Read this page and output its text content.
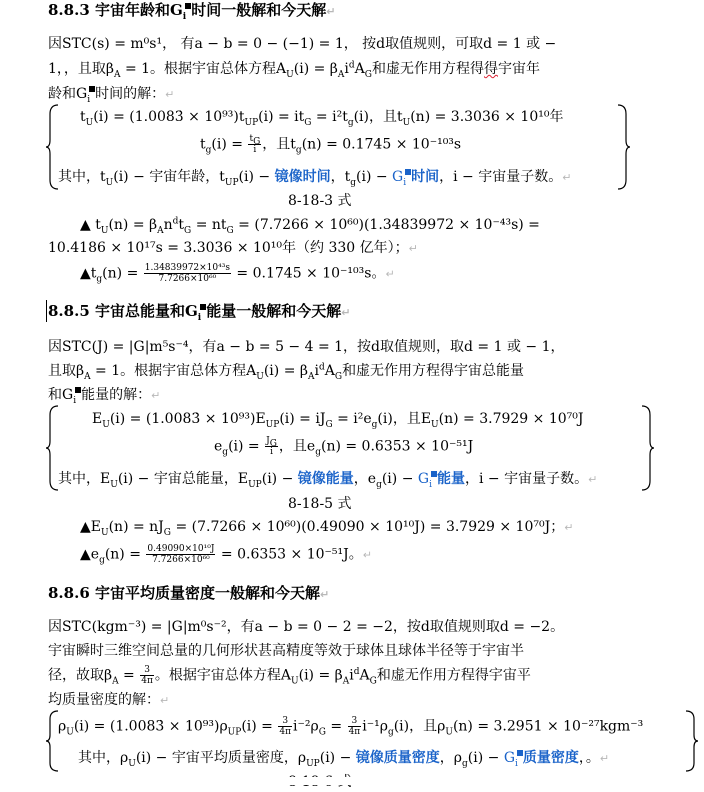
8.8.3 宇宙年龄和$G_i$ 时间一般解和今天解↵
因STC(s) = m⁰s¹， 有a − b = 0 − (−1) = 1， 按d取值规则，可取d = 1 或 −
1，，且取$\beta_A = 1$。根据宇宙总体方程$A_U(i) = \beta_Ai^dA_G$和虚无作用方程得得宇宙年
龄和$G_i$ 时间的解：↵
$t_U(i)$ = (1.0083̇ × $10^{93})t_{UP}(i) = it_G = i^2t_g(i)$，且$t_U(n) = 3.3036 \times 10^{10}$年
$t_g(i) = \frac{t_G}{i}$ ，且$t_g(n) = 0.1745 \times 10^{-103}s$
其中，$t_U(i)$ − 宇宙年龄，$t_{UP}(i)$ − 镜像时间，$t_g(i) - G_i$ 时间，i − 宇宙量子数。↵
8-18-3 式
▲ $t_U(n) = \beta_An^dt_G = nt_G = (7.7266 \times 10^{60})(1.34839972 \times 10^{-43}s)$ =
10.4186 × 10¹⁷s = 3.3036 × 10¹⁰年（约 330 亿年）；↵
$▲t_g(n) = \frac{\text{1.34839972×10⁴³s}}{\text{7.7266×10⁶⁰}} = 0.1745 \times 10^{-103}s$。↵
8.8.5 宇宙总能量和$G_i$ 能量一般解和今天解↵
因STC(J) = |G|m⁵s⁻⁴，有a − b = 5 − 4 = 1，按d取值规则，取d = 1 或 − 1，
且取$\beta_A = 1$。根据宇宙总体方程$A_U(i) = \beta_Ai^dA_G$和虚无作用方程得宇宙总能量
和$G_i$ 能量的解：↵
$E_U(i)$ = (1.0083̇ × $10^{93})E_{UP}(i) = iJ_G = i^2e_g(i)$，且$E_U(n) = 3.7929 \times 10^{70}J$
$e_g(i) = \frac{J_G}{i}$ ，且$e_g(n) = 0.6353 \times 10^{-51}J$
其中，$E_U(i)$ − 宇宙总能量，$E_{UP}(i)$ − 镜像能量，$e_g(i) - G_i$ 能量，i − 宇宙量子数。↵
8-18-5 式
$▲E_U(n) = nJ_G = (7.7266 \times 10^{60})(0.49090 \times 10^{10}J) = 3.7929 \times 10^{70}J$；↵
$▲e_g(n) = \frac{\text{0.49090×10¹⁰J}}{\text{7.7266×10⁶⁰}} = 0.6353 \times 10^{-51}J$。↵
8.8.6 宇宙平均质量密度一般解和今天解↵
因STC(kgm⁻³) = |G|m⁰s⁻²，有a − b = 0 − 2 = −2，按d取值规则取d = −2。
宇宙瞬时三维空间总量的几何形状甚高精度等效于球体且球体半径等于宇宙半
径，故取$\beta_A = \frac{3}{4\pi}$ 。根据宇宙总体方程$A_U(i) = \beta_Ai^dA_G$和虚无作用方程得宇宙平
均质量密度的解：↵
$\rho_U(i)$ = (1.0083̇ × $10^{93})\rho_{UP}(i) = \frac{3}{4\pi} i^{-2}\rho_G = \frac{3}{4\pi} i^{-1}\rho_g(i)$，且$\rho_U(n) = 3.2951 \times 10^{-27}kgm^{-3}$
其中，$\rho_U(i)$ − 宇宙平均质量密度，$\rho_{UP}(i)$ − 镜像质量密度，$\rho_g(i) - G_i$ 质量密度，。↵
